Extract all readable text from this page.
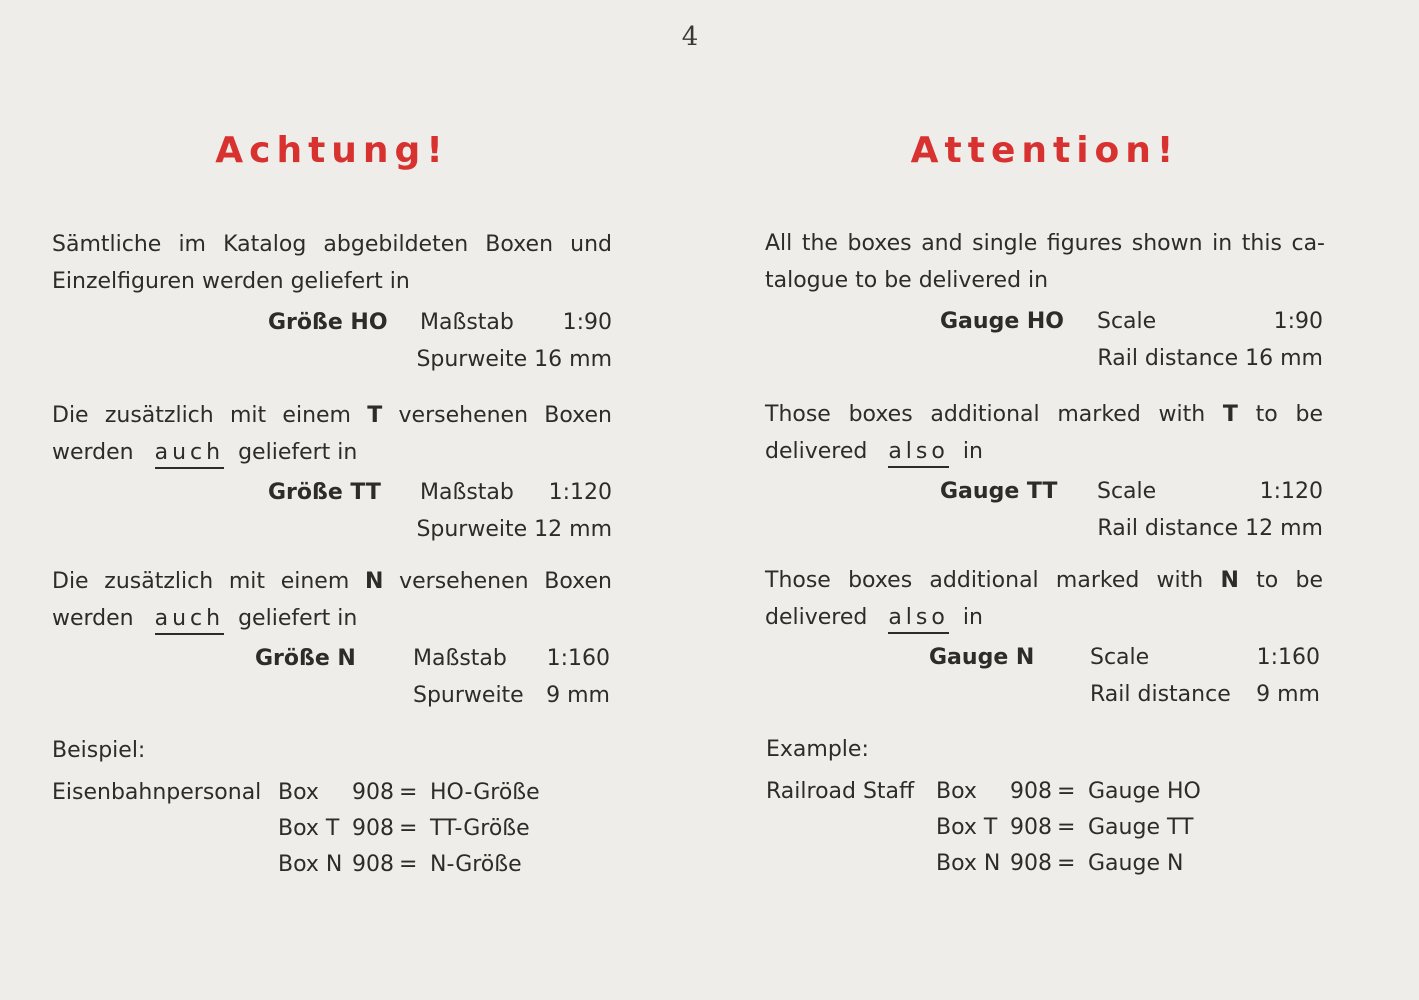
4
Achtung!
Sämtliche im Katalog abgebildeten Boxen und
Einzelfiguren werden geliefert in
Größe HO Maßstab 1:90
Spurweite 16 mm
Die zusätzlich mit einem T versehenen Boxen
werden auch geliefert in
Größe TT Maßstab 1:120
Spurweite 12 mm
Die zusätzlich mit einem N versehenen Boxen
werden auch geliefert in
Größe N	Maßstab 1:160
Spurweite 9 mm
Beispiel:
Eisenbahnpersonal Box 908 = HO-Größe
Box T 908 = TT-Größe
Box N 908 = N-Größe
Attention!
All the boxes and single figures shown in this ca-
talogue to be delivered in
Gauge HO Scale	1:90
Rail distance 16 mm
Those boxes additional marked with T to be
delivered also in
Gauge TT Scale	1:120
Rail distance 12 mm
Those boxes additional marked with N to be
delivered also in
Gauge N	Scale	1:160
Rail distance 9 mm
Example:
Railroad Staff Box 908 = Gauge HO
Box T 908 = Gauge TT
Box N 908 = Gauge N
